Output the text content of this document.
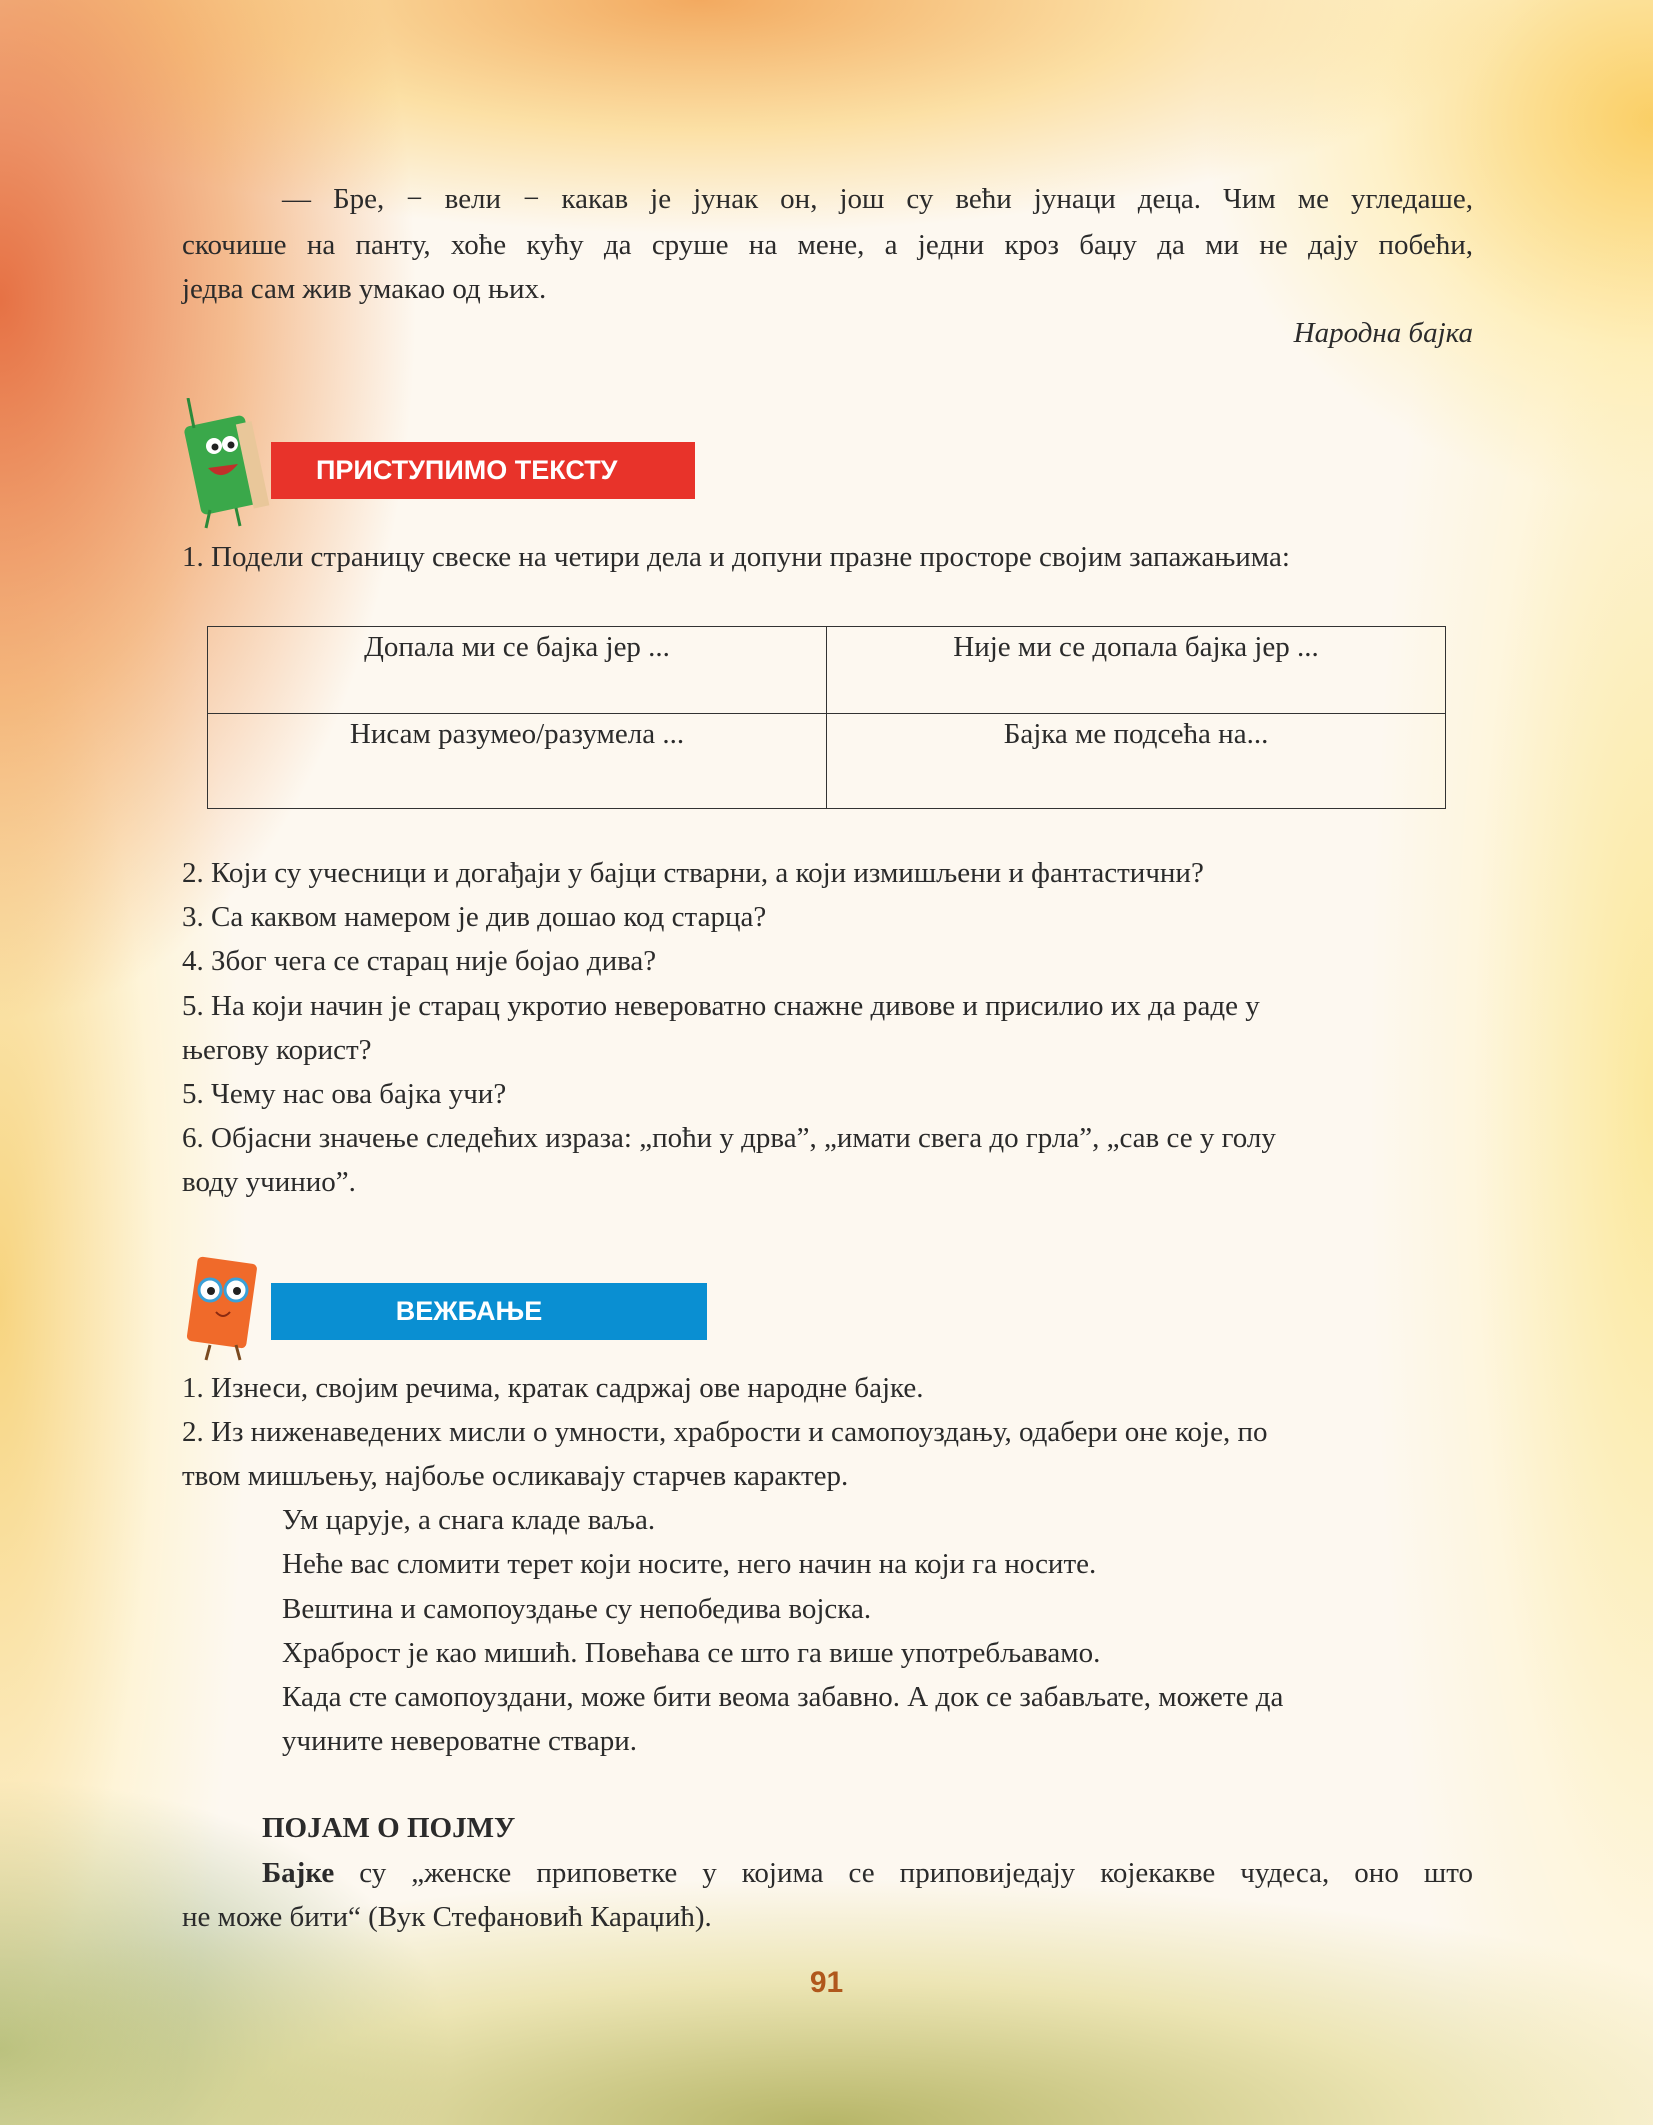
— Бре, − вели − какав је јунак он, још су већи јунаци деца. Чим ме угледаше,
скочише на панту, хоће кућу да сруше на мене, а једни кроз баџу да ми не дају побећи,
једва сам жив умакао од њих.
Народна бајка
ПРИСТУПИМО ТЕКСТУ
1. Подели страницу свеске на четири дела и допуни празне просторе својим запажањима:
Допала ми се бајка јер ...	Није ми се допала бајка јер ...
Нисам разумео/разумела ...	Бајка ме подсећа на...
2. Који су учесници и догађаји у бајци стварни, а који измишљени и фантастични?
3. Са каквом намером је див дошао код старца?
4. Због чега се старац није бојао дива?
5. На који начин је старац укротио невероватно снажне дивове и присилио их да раде у
његову корист?
5. Чему нас ова бајка учи?
6. Објасни значење следећих израза: „поћи у дрва”, „имати свега до грла”, „сав се у голу
воду учинио”.
ВЕЖБАЊЕ
1. Изнеси, својим речима, кратак садржај ове народне бајке.
2. Из ниженаведених мисли о умности, храбрости и самопоуздању, одабери оне које, по
твом мишљењу, најбоље осликавају старчев карактер.
Ум царује, а снага кладе ваља.
Неће вас сломити терет који носите, него начин на који га носите.
Вештина и самопоуздање су непобедива војска.
Храброст је као мишић. Повећава се што га више употребљавамо.
Када сте самопоуздани, може бити веома забавно. А док се забављате, можете да
учините невероватне ствари.
ПОЈАМ О ПОЈМУ
Бајке су „женске приповетке у којима се приповиједају којекакве чудеса, оно што
не може бити“ (Вук Стефановић Караџић).
91
